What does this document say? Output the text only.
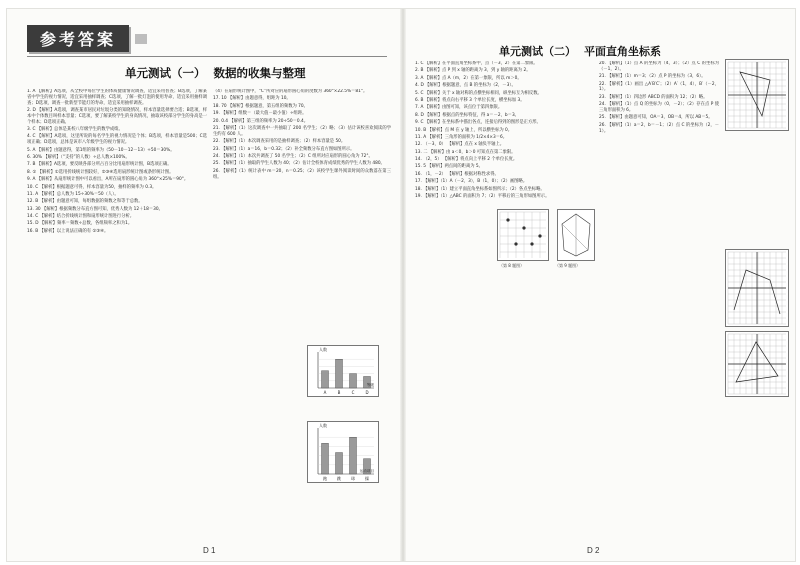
参考答案
单元测试（一） 数据的收集与整理

1. A 【解析】A选项，从全校中每位学生的体质健康情况调查，适宜采用普查；B选项，了解某省中学生的视力情况，适宜采用抽样调查；C选项，了解一批灯泡的使用寿命，适宜采用抽样调查；D选项，调查一批新型节能灯的寿命，适宜采用抽样调查。

2. D 【解析】A选项，调查某市居民对垃圾分类的知晓情况，样本容量选择要合适；B选项，样本中个体数目叫样本容量；C选项，要了解某校学生的身高情况，抽取该校部分学生的身高是一个样本；D选项正确。

3. C 【解析】总体是某校八年级学生的数学成绩。

4. C 【解析】A选项，这里所说的每名学生的视力情况是个体；B选项，样本容量是500；C选项正确；D选项，总体是该市八年级学生的视力情况。

5. A 【解析】由题意得，第1组的频率为（50－10－12－13）÷50＝30%。

6. 30% 【解析】（“支持”的人数）÷总人数×100%。

7. B 【解析】A选项，要反映各部分所占百分比用扇形统计图，B选项正确。

8. ① 【解析】①选用折线统计图较好，②③④选用扇形统计图或条形统计图。

9. A 【解析】从扇形统计图中可以看出，A所在扇形的圆心角为 360°×25%＝90°。

10. C 【解析】根据题意可得，样本容量为50，抽样的频率为 0.3。

11. A 【解析】总人数为 15÷30%＝50（人）。

12. B 【解析】由题意可知，每组数据的频数之和等于总数。

13. 30 【解析】根据频数分布直方图可知，优秀人数为 12＋18＝30。

14. C 【解析】结合折线统计图和扇形统计图进行分析。

15. D 【解析】频率＝频数÷总数，各组频率之和为1。

16. B 【解析】以上说法正确的有 ①③④。

（4）在扇形统计图中，“C”所对应的扇形圆心角的度数为 360°×22.5%＝81°。

17. 10 【解析】由题意得，组距为 10。

18. 70 【解析】根据题意，第五组的频数为 70。

19. 【解析】组数＝（最大值－最小值）÷组距。

20. 0.4 【解析】第三组的频率为 20÷50＝0.4。

21. 【解析】（1）这次调查中一共抽取了 200 名学生；（2）略；（3）估计该校喜欢阅读的学生约有 600 人。

22. 【解析】（1）本次调查采用的是抽样调查；（2）样本容量是 50。

23. 【解析】（1）a＝16，b＝0.32；（2）补全频数分布直方图如图所示。

24. 【解析】（1）本次共调查了 50 名学生；（2）C 组所对应扇形的圆心角为 72°。

25. 【解析】（1）抽取的学生人数为 40；（2）估计全校体育成绩优秀的学生人数为 480。

26. 【解析】（1）统计表中 m＝20，n＝0.25；（2）该校学生课外阅读时间的众数落在第三组。

A	B	C	D
人数
等级
跑	跳	球	操
人数
运动项目
D 1
单元测试（二） 平面直角坐标系

1. C 【解析】在平面直角坐标系中，点（－3，2）在第二象限。

2. B 【解析】点 P 到 x 轴的距离为 3，到 y 轴的距离为 2。

3. A 【解析】点 A（m，2）在第一象限，所以 m＞0。

4. D 【解析】根据题意，点 B 的坐标为（2，－3）。

5. C 【解析】关于 x 轴对称的点横坐标相同，纵坐标互为相反数。

6. B 【解析】将点向右平移 3 个单位长度，横坐标加 3。

7. A 【解析】由图可知，该点位于第四象限。

8. D 【解析】根据点的坐标特征，得 a＝－2，b＝3。

9. C 【解析】在坐标系中描出各点，连接后得到的图形是正方形。

10. B 【解析】点 M 在 y 轴上，所以横坐标为 0。

11. A 【解析】三角形的面积为 1/2×4×3＝6。

12. （－3，0） 【解析】点在 x 轴负半轴上。

13. 二 【解析】由 a＜0，b＞0 可知点在第二象限。

14. （2，5） 【解析】将点向上平移 2 个单位长度。

15. 5 【解析】两点间的距离为 5。

16. （1，－2） 【解析】根据对称性求得。

17. 【解析】（1）A（－2，3），B（1，0）；（2）画图略。

18. 【解析】（1）建立平面直角坐标系如图所示；（2）各点坐标略。

19. 【解析】（1）△ABC 的面积为 7；（2）平移后的三角形如图所示。

20. 【解析】（1）点 A 的坐标为（4，3）；（2）点 C 的坐标为（－1，2）。

21. 【解析】（1）m＝3；（2）点 P 的坐标为（3，6）。

22. 【解析】（1）画出 △A′B′C′；（2）A′（1，4），B′（－2，1）。

23. 【解析】（1）四边形 ABCD 的面积为 12；（2）略。

24. 【解析】（1）点 Q 的坐标为（0，－2）；（2）存在点 P 使三角形面积为 6。

25. 【解析】由题意可知，OA＝3，OB＝4，所以 AB＝5。

26. 【解析】（1）a＝2，b＝－1；（2）点 C 的坐标为（2，－1）。

（第 8 题图）	（第 9 题图）
D 2
